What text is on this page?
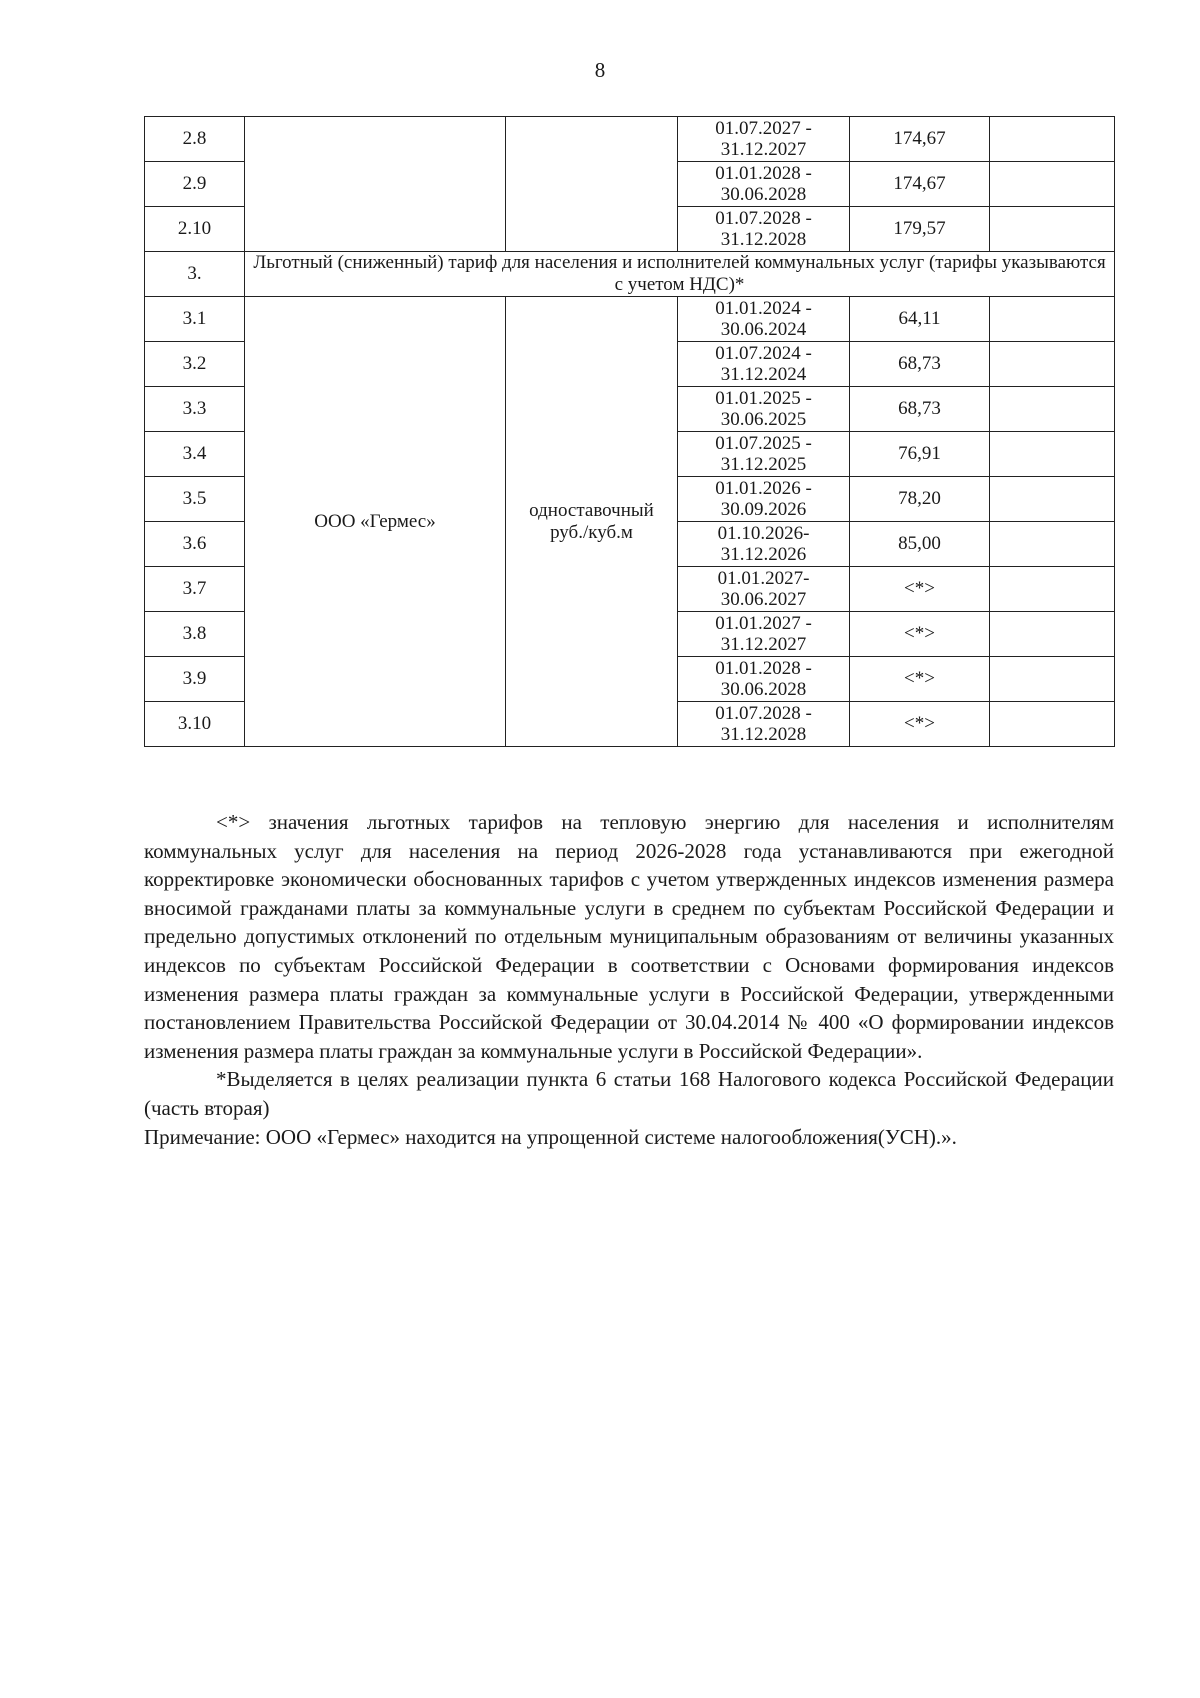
8
2.8			01.07.2027 -
31.12.2027	174,67	
2.9			01.01.2028 -
30.06.2028	174,67	
2.10			01.07.2028 -
31.12.2028	179,57	
3.	Льготный (сниженный) тариф для населения и исполнителей коммунальных услуг (тарифы указываются с учетом НДС)*				
3.1	ООО «Гермес»	одноставочный руб./куб.м	01.01.2024 -
30.06.2024	64,11	
3.2			01.07.2024 -
31.12.2024	68,73	
3.3			01.01.2025 -
30.06.2025	68,73	
3.4			01.07.2025 -
31.12.2025	76,91	
3.5			01.01.2026 -
30.09.2026	78,20	
3.6			01.10.2026-
31.12.2026	85,00	
3.7			01.01.2027-
30.06.2027	<*>	
3.8			01.01.2027 -
31.12.2027	<*>	
3.9			01.01.2028 -
30.06.2028	<*>	
3.10			01.07.2028 -
31.12.2028	<*>	

<*> значения льготных тарифов на тепловую энергию для населения и исполнителям коммунальных услуг для населения на период 2026-2028 года устанавливаются при ежегодной корректировке экономически обоснованных тарифов с учетом утвержденных индексов изменения размера вносимой гражданами платы за коммунальные услуги в среднем по субъектам Российской Федерации и предельно допустимых отклонений по отдельным муниципальным образованиям от величины указанных индексов по субъектам Российской Федерации в соответствии с Основами формирования индексов изменения размера платы граждан за коммунальные услуги в Российской Федерации, утвержденными постановлением Правительства Российской Федерации от 30.04.2014 № 400 «О формировании индексов изменения размера платы граждан за коммунальные услуги в Российской Федерации».

*Выделяется в целях реализации пункта 6 статьи 168 Налогового кодекса Российской Федерации (часть вторая)

Примечание: ООО «Гермес» находится на упрощенной системе налогообложения(УСН).».
